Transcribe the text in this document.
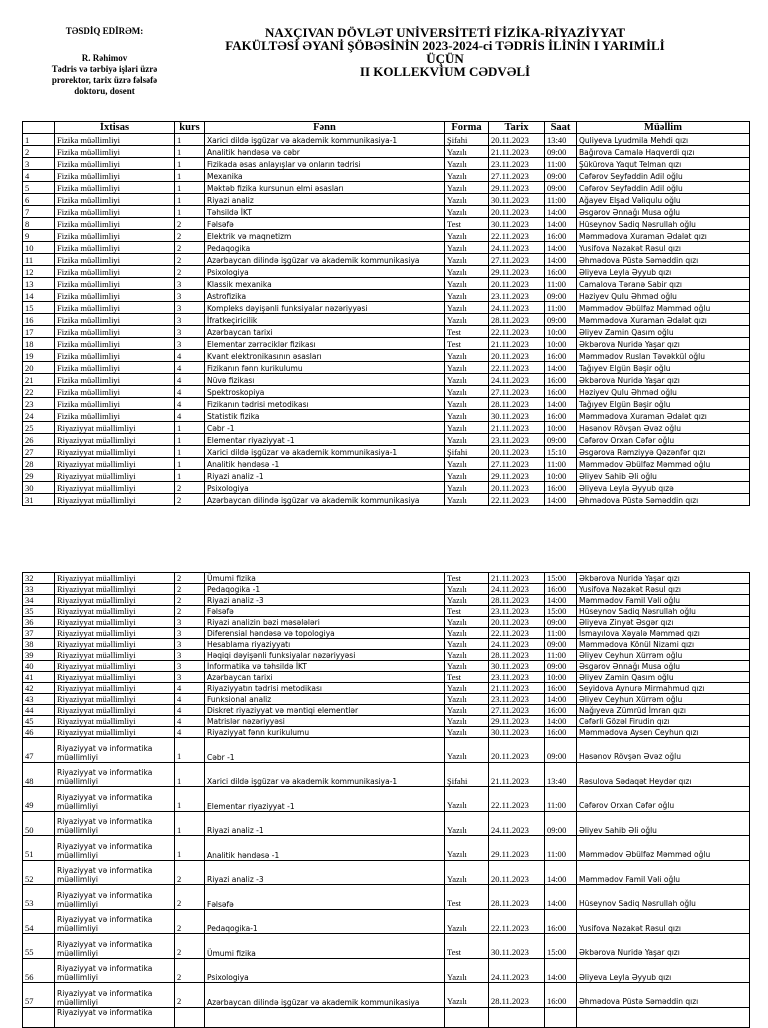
TƏSDİQ EDİRƏM:
R. Rəhimov
Tədris və tərbiyə işləri üzrə
prorektor, tarix üzrə fəlsəfə
doktoru, dosent
NAXÇIVAN DÖVLƏT UNİVERSİTETİ FİZİKA-RİYAZİYYAT
FAKÜLTƏSİ ƏYANİ ŞÖBƏSİNİN 2023-2024-ci TƏDRİS İLİNİN I YARIMİLİ
ÜÇÜN
II KOLLEKVİUM CƏDVƏLİ
	İxtisas	kurs	Fənn	Forma	Tarix	Saat	Müəllim
1	Fizika müəllimliyi	1	Xarici dildə işgüzar və akademik kommunikasiya-1	Şifahi	20.11.2023	13:40	Quliyeva Lyudmila Mehdi qızı
2	Fizika müəllimliyi	1	Analitik həndəsə və cəbr	Yazılı	21.11.2023	09:00	Bağırova Camalə Haqverdi qızı
3	Fizika müəllimliyi	1	Fizikada əsas anlayışlar və onların tədrisi	Yazılı	23.11.2023	11:00	Şükürova Yaqut Telman qızı
4	Fizika müəllimliyi	1	Mexanika	Yazılı	27.11.2023	09:00	Cəfərov Seyfəddin Adil oğlu
5	Fizika müəllimliyi	1	Məktəb fizika kursunun elmi əsasları	Yazılı	29.11.2023	09:00	Cəfərov Seyfəddin Adil oğlu
6	Fizika müəllimliyi	1	Riyazi analiz	Yazılı	30.11.2023	11:00	Ağayev Elşad Vəliqulu oğlu
7	Fizika müəllimliyi	1	Təhsildə İKT	Yazılı	20.11.2023	14:00	Əsgərov Ənnağı Musa oğlu
8	Fizika müəllimliyi	2	Fəlsəfə	Test	30.11.2023	14:00	Hüseynov Sadiq Nəsrullah oğlu
9	Fizika müəllimliyi	2	Elektrik və maqnetizm	Yazılı	22.11.2023	16:00	Məmmədova Xuraman Ədalət qızı
10	Fizika müəllimliyi	2	Pedaqogika	Yazılı	24.11.2023	14:00	Yusifova Nəzakət Rəsul qızı
11	Fizika müəllimliyi	2	Azərbaycan dilində işgüzar və akademik kommunikasiya	Yazılı	27.11.2023	14:00	Əhmədova Püstə Səməddin qızı
12	Fizika müəllimliyi	2	Psixologiya	Yazılı	29.11.2023	16:00	Əliyeva Leyla Əyyub qızı
13	Fizika müəllimliyi	3	Klassik mexanika	Yazılı	20.11.2023	11:00	Camalova Təranə Sabir qızı
14	Fizika müəllimliyi	3	Astrofizika	Yazılı	23.11.2023	09:00	Həziyev Qulu Əhməd oğlu
15	Fizika müəllimliyi	3	Kompleks dəyişənli funksiyalar nəzəriyyəsi	Yazılı	24.11.2023	11:00	Məmmədov Əbülfəz Məmməd oğlu
16	Fizika müəllimliyi	3	İfratkeçiricilik	Yazılı	28.11.2023	09:00	Məmmədova Xuraman Ədalət qızı
17	Fizika müəllimliyi	3	Azərbaycan tarixi	Test	22.11.2023	10:00	Əliyev Zamin Qasım oğlu
18	Fizika müəllimliyi	3	Elementar zərrəciklər fizikası	Test	21.11.2023	10:00	Əkbərova Nuridə Yaşar qızı
19	Fizika müəllimliyi	4	Kvant elektronikasının əsasları	Yazılı	20.11.2023	16:00	Məmmədov Ruslan Təvəkkül oğlu
20	Fizika müəllimliyi	4	Fizikanın fənn kurikulumu	Yazılı	22.11.2023	14:00	Tağıyev Elgün Bəşir oğlu
21	Fizika müəllimliyi	4	Nüvə fizikası	Yazılı	24.11.2023	16:00	Əkbərova Nuridə Yaşar qızı
22	Fizika müəllimliyi	4	Spektroskopiya	Yazılı	27.11.2023	16:00	Həziyev Qulu Əhməd oğlu
23	Fizika müəllimliyi	4	Fizikanın tədrisi metodikası	Yazılı	28.11.2023	14:00	Tağıyev Elgün Bəşir oğlu
24	Fizika müəllimliyi	4	Statistik fizika	Yazılı	30.11.2023	16:00	Məmmədova Xuraman Ədalət qızı
25	Riyaziyyat müəllimliyi	1	Cəbr -1	Yazılı	21.11.2023	10:00	Həsənov Rövşən Əvəz oğlu
26	Riyaziyyat müəllimliyi	1	Elementar riyaziyyat -1	Yazılı	23.11.2023	09:00	Cəfərov Orxan Cəfər oğlu
27	Riyaziyyat müəllimliyi	1	Xarici dildə işgüzar və akademik kommunikasiya-1	Şifahi	20.11.2023	15:10	Əsgərova Rəmziyyə Qəzənfər qızı
28	Riyaziyyat müəllimliyi	1	Analitik həndəsə -1	Yazılı	27.11.2023	11:00	Məmmədov Əbülfəz Məmməd oğlu
29	Riyaziyyat müəllimliyi	1	Riyazi analiz -1	Yazılı	29.11.2023	10:00	Əliyev Sahib Əli oğlu
30	Riyaziyyat müəllimliyi	2	Psixologiya	Yazılı	20.11.2023	16:00	Əliyeva Leyla Əyyub qızə
31	Riyaziyyat müəllimliyi	2	Azərbaycan dilində işgüzar və akademik kommunikasiya	Yazılı	22.11.2023	14:00	Əhmədova Püstə Səməddin qızı
32	Riyaziyyat müəllimliyi	2	Ümumi fizika	Test	21.11.2023	15:00	Əkbərova Nuridə Yaşar qızı
33	Riyaziyyat müəllimliyi	2	Pedaqogika -1	Yazılı	24.11.2023	16:00	Yusifova Nəzakət Rəsul qızı
34	Riyaziyyat müəllimliyi	2	Riyazi analiz -3	Yazılı	28.11.2023	14:00	Məmmədov Famil Vəli oğlu
35	Riyaziyyat müəllimliyi	2	Fəlsəfə	Test	23.11.2023	15:00	Hüseynov Sadiq Nəsrullah oğlu
36	Riyaziyyat müəllimliyi	3	Riyazi analizin bəzi məsələləri	Yazılı	20.11.2023	09:00	Əliyeva Zinyət Əsgər qızı
37	Riyaziyyat müəllimliyi	3	Diferensial həndəsə və topologiya	Yazılı	22.11.2023	11:00	İsmayılova Xəyalə Məmməd qızı
38	Riyaziyyat müəllimliyi	3	Hesablama riyaziyyatı	Yazılı	24.11.2023	09:00	Məmmədova Könül Nizami qızı
39	Riyaziyyat müəllimliyi	3	Həqiqi dəyişənli funksiyalar nəzəriyyəsi	Yazılı	28.11.2023	11:00	Əliyev Ceyhun Xürrəm oğlu
40	Riyaziyyat müəllimliyi	3	İnformatika və təhsildə İKT	Yazılı	30.11.2023	09:00	Əsgərov Ənnağı Musa oğlu
41	Riyaziyyat müəllimliyi	3	Azərbaycan tarixi	Test	23.11.2023	10:00	Əliyev Zamin Qasım oğlu
42	Riyaziyyat müəllimliyi	4	Riyaziyyatın tədrisi metodikası	Yazılı	21.11.2023	16:00	Seyidova Aynurə Mirmahmud qızı
43	Riyaziyyat müəllimliyi	4	Funksional analiz	Yazılı	23.11.2023	14:00	Əliyev Ceyhun Xürrəm oğlu
44	Riyaziyyat müəllimliyi	4	Diskret riyaziyyat və məntiqi elementlər	Yazılı	27.11.2023	16:00	Nağıyeva Zümrüd İmran qızı
45	Riyaziyyat müəllimliyi	4	Matrislər nəzəriyyəsi	Yazılı	29.11.2023	14:00	Cəfərli Gözəl Firudin qızı
46	Riyaziyyat müəllimliyi	4	Riyaziyyat fənn kurikulumu	Yazılı	30.11.2023	16:00	Məmmədova Aysen Ceyhun qızı
47	Riyaziyyat və informatika müəllimliyi	1	Cəbr -1	Yazılı	20.11.2023	09:00	Həsənov Rövşən Əvəz oğlu
48	Riyaziyyat və informatika müəllimliyi	1	Xarici dildə işgüzar və akademik kommunikasiya-1	Şifahi	21.11.2023	13:40	Rəsulova Sədaqət Heydər qızı
49	Riyaziyyat və informatika müəllimliyi	1	Elementar riyaziyyat -1	Yazılı	22.11.2023	11:00	Cəfərov Orxan Cəfər oğlu
50	Riyaziyyat və informatika müəllimliyi	1	Riyazi analiz -1	Yazılı	24.11.2023	09:00	Əliyev Sahib Əli oğlu
51	Riyaziyyat və informatika müəllimliyi	1	Analitik həndəsə -1	Yazılı	29.11.2023	11:00	Məmmədov Əbülfəz Məmməd oğlu
52	Riyaziyyat və informatika müəllimliyi	2	Riyazi analiz -3	Yazılı	20.11.2023	14:00	Məmmədov Famil Vəli oğlu
53	Riyaziyyat və informatika müəllimliyi	2	Fəlsəfə	Test	28.11.2023	14:00	Hüseynov Sadiq Nəsrullah oğlu
54	Riyaziyyat və informatika müəllimliyi	2	Pedaqogika-1	Yazılı	22.11.2023	16:00	Yusifova Nəzakət Rəsul qızı
55	Riyaziyyat və informatika müəllimliyi	2	Ümumi fizika	Test	30.11.2023	15:00	Əkbərova Nuridə Yaşar qızı
56	Riyaziyyat və informatika müəllimliyi	2	Psixologiya	Yazılı	24.11.2023	14:00	Əliyeva Leyla Əyyub qızı
57	Riyaziyyat və informatika müəllimliyi	2	Azərbaycan dilində işgüzar və akademik kommunikasiya	Yazılı	28.11.2023	16:00	Əhmədova Püstə Səməddin qızı
	Riyaziyyat və informatika						
